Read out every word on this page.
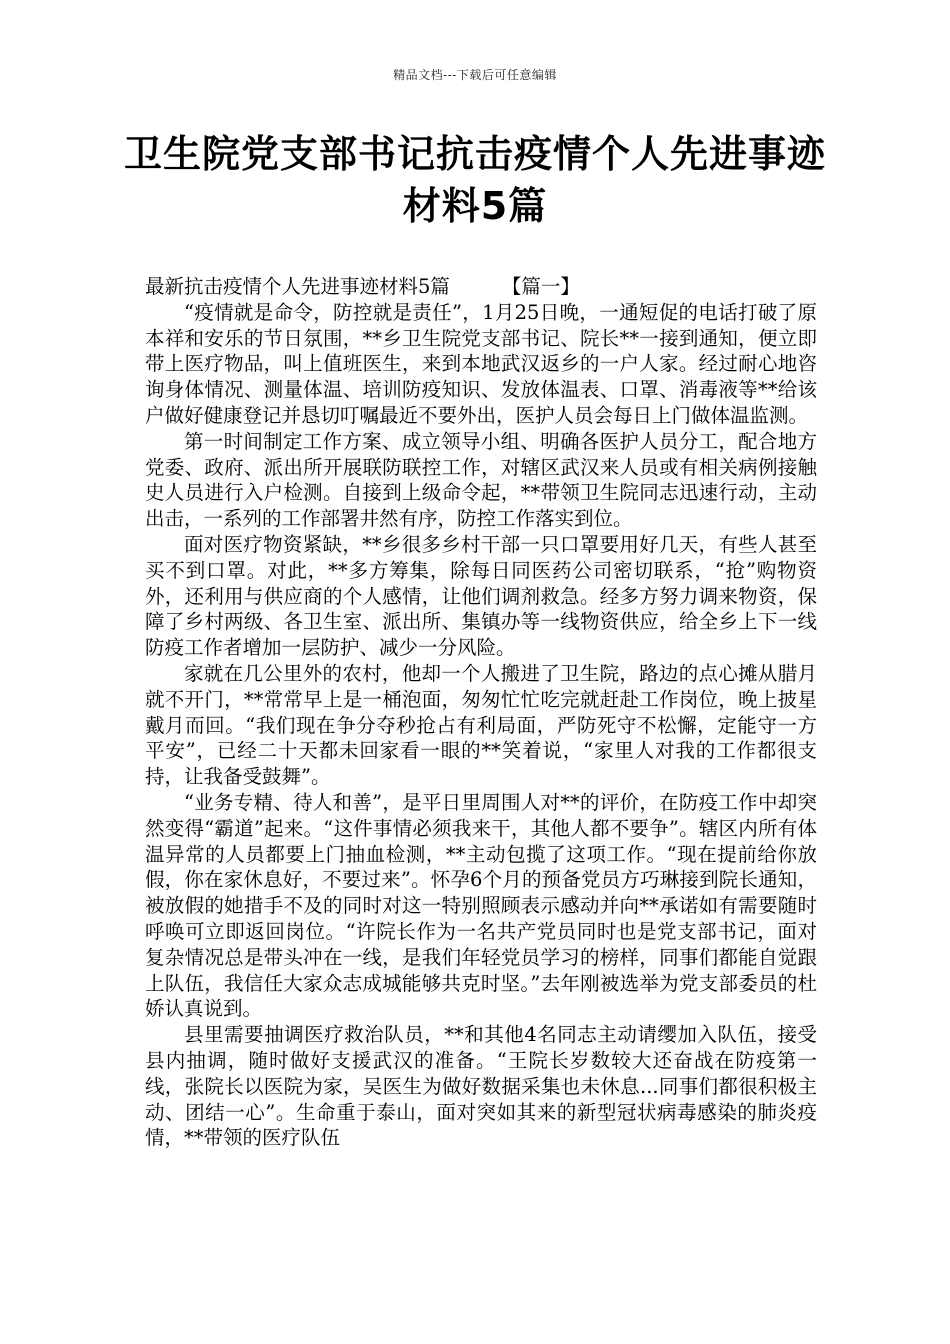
精品文档---下载后可任意编辑
卫生院党支部书记抗击疫情个人先进事迹材料5篇

最新抗击疫情个人先进事迹材料5篇	【篇一】

“疫情就是命令，防控就是责任”，1月25日晚，一通短促的电话打破了原本祥和安乐的节日氛围，**乡卫生院党支部书记、院长**一接到通知，便立即带上医疗物品，叫上值班医生，来到本地武汉返乡的一户人家。经过耐心地咨询身体情况、测量体温、培训防疫知识、发放体温表、口罩、消毒液等**给该户做好健康登记并恳切叮嘱最近不要外出，医护人员会每日上门做体温监测。

第一时间制定工作方案、成立领导小组、明确各医护人员分工，配合地方党委、政府、派出所开展联防联控工作，对辖区武汉来人员或有相关病例接触史人员进行入户检测。自接到上级命令起，**带领卫生院同志迅速行动，主动出击，一系列的工作部署井然有序，防控工作落实到位。

面对医疗物资紧缺，**乡很多乡村干部一只口罩要用好几天，有些人甚至买不到口罩。对此，**多方筹集，除每日同医药公司密切联系，“抢”购物资外，还利用与供应商的个人感情，让他们调剂救急。经多方努力调来物资，保障了乡村两级、各卫生室、派出所、集镇办等一线物资供应，给全乡上下一线防疫工作者增加一层防护、减少一分风险。

家就在几公里外的农村，他却一个人搬进了卫生院，路边的点心摊从腊月就不开门，**常常早上是一桶泡面，匆匆忙忙吃完就赶赴工作岗位，晚上披星戴月而回。“我们现在争分夺秒抢占有利局面，严防死守不松懈，定能守一方平安”，已经二十天都未回家看一眼的**笑着说，“家里人对我的工作都很支持，让我备受鼓舞”。

“业务专精、待人和善”，是平日里周围人对**的评价，在防疫工作中却突然变得“霸道”起来。“这件事情必须我来干，其他人都不要争”。辖区内所有体温异常的人员都要上门抽血检测，**主动包揽了这项工作。“现在提前给你放假，你在家休息好，不要过来”。怀孕6个月的预备党员方巧琳接到院长通知，被放假的她措手不及的同时对这一特别照顾表示感动并向**承诺如有需要随时呼唤可立即返回岗位。“许院长作为一名共产党员同时也是党支部书记，面对复杂情况总是带头冲在一线，是我们年轻党员学习的榜样，同事们都能自觉跟上队伍，我信任大家众志成城能够共克时坚。”去年刚被选举为党支部委员的杜娇认真说到。

县里需要抽调医疗救治队员，**和其他4名同志主动请缨加入队伍，接受县内抽调，随时做好支援武汉的准备。“王院长岁数较大还奋战在防疫第一线，张院长以医院为家，吴医生为做好数据采集也未休息...同事们都很积极主动、团结一心”。生命重于泰山，面对突如其来的新型冠状病毒感染的肺炎疫情，**带领的医疗队伍
